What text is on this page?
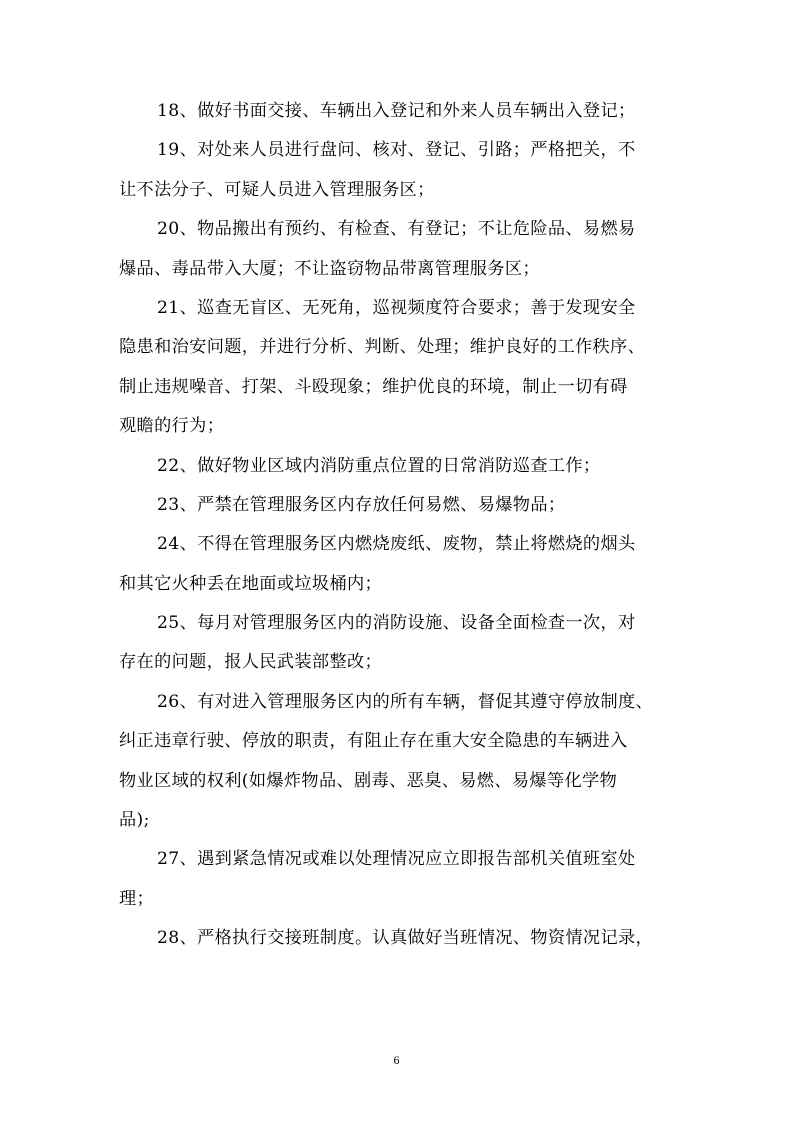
18、做好书面交接、车辆出入登记和外来人员车辆出入登记；
19、对处来人员进行盘问、核对、登记、引路；严格把关，不
让不法分子、可疑人员进入管理服务区；
20、物品搬出有预约、有检查、有登记；不让危险品、易燃易
爆品、毒品带入大厦；不让盗窃物品带离管理服务区；
21、巡查无盲区、无死角，巡视频度符合要求；善于发现安全
隐患和治安问题，并进行分析、判断、处理；维护良好的工作秩序、
制止违规噪音、打架、斗殴现象；维护优良的环境，制止一切有碍
观瞻的行为；
22、做好物业区域内消防重点位置的日常消防巡查工作；
23、严禁在管理服务区内存放任何易燃、易爆物品；
24、不得在管理服务区内燃烧废纸、废物，禁止将燃烧的烟头
和其它火种丢在地面或垃圾桶内；
25、每月对管理服务区内的消防设施、设备全面检查一次，对
存在的问题，报人民武装部整改；
26、有对进入管理服务区内的所有车辆，督促其遵守停放制度、
纠正违章行驶、停放的职责，有阻止存在重大安全隐患的车辆进入
物业区域的权利(如爆炸物品、剧毒、恶臭、易燃、易爆等化学物
品);
27、遇到紧急情况或难以处理情况应立即报告部机关值班室处
理；
28、严格执行交接班制度。认真做好当班情况、物资情况记录，
6
